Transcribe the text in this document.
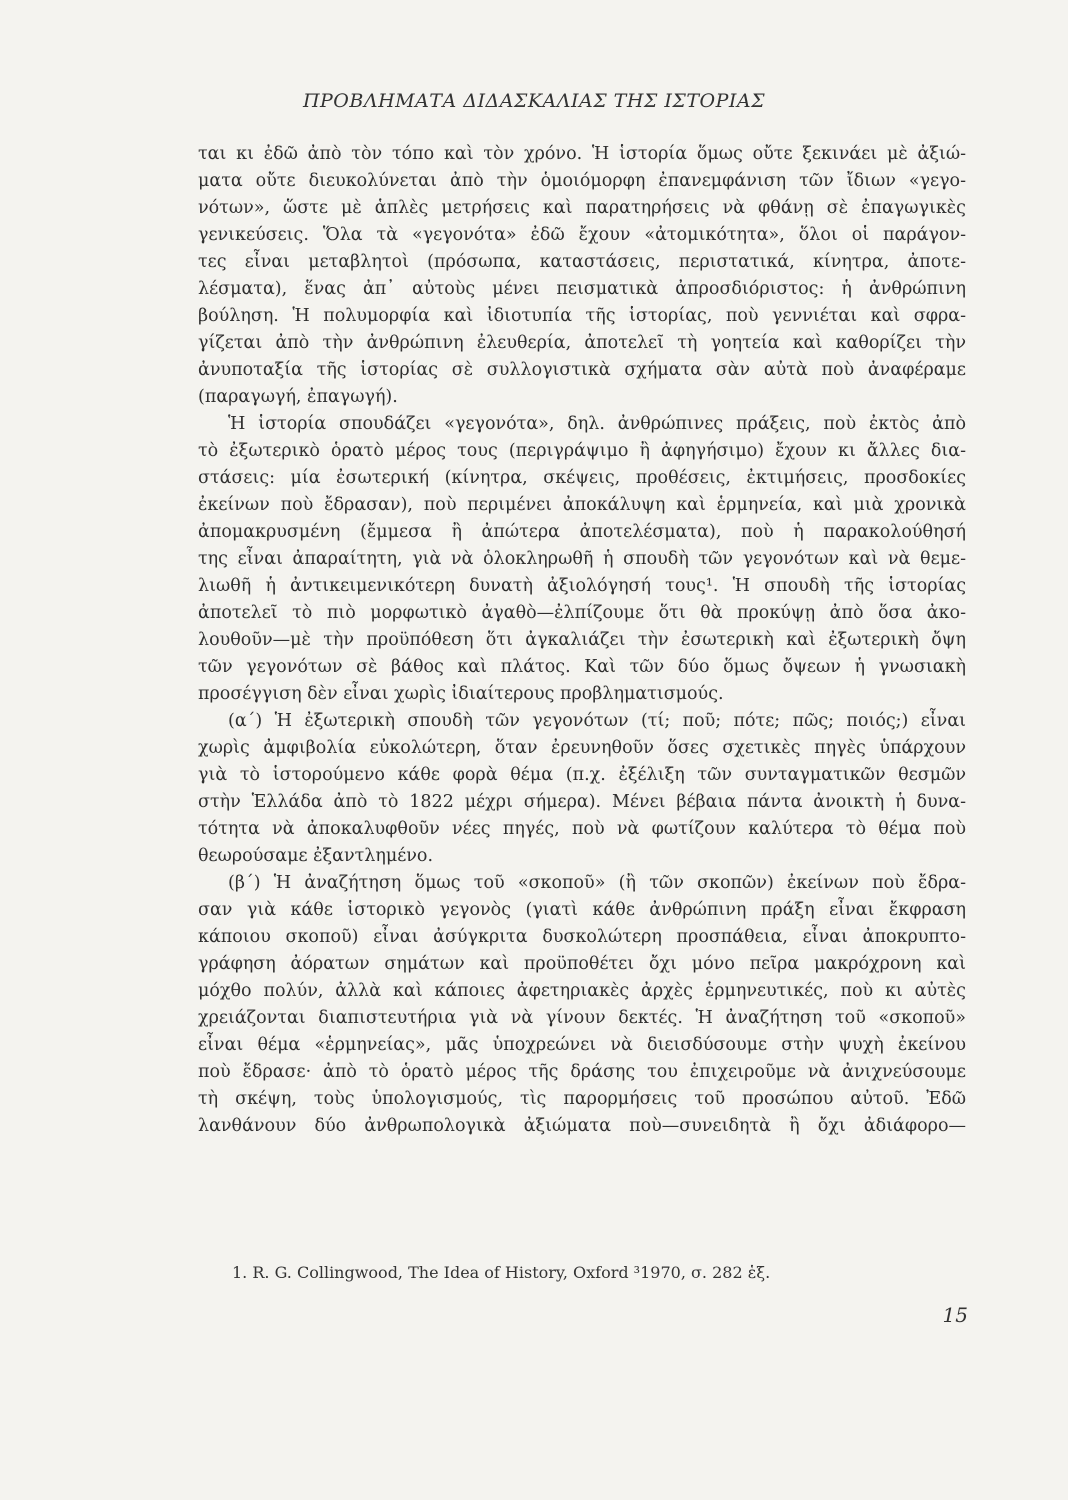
ΠΡΟΒΛΗΜΑΤΑ ΔΙΔΑΣΚΑΛΙΑΣ ΤΗΣ ΙΣΤΟΡΙΑΣ
ται κι ἐδῶ ἀπὸ τὸν τόπο καὶ τὸν χρόνο. Ἡ ἱστορία ὅμως οὔτε ξεκινάει μὲ ἀξιώ-
ματα οὔτε διευκολύνεται ἀπὸ τὴν ὁμοιόμορφη ἐπανεμφάνιση τῶν ἴδιων «γεγο-
νότων», ὥστε μὲ ἁπλὲς μετρήσεις καὶ παρατηρήσεις νὰ φθάνῃ σὲ ἐπαγωγικὲς
γενικεύσεις. Ὅλα τὰ «γεγονότα» ἐδῶ ἔχουν «ἀτομικότητα», ὅλοι οἱ παράγον-
τες εἶναι μεταβλητοὶ (πρόσωπα, καταστάσεις, περιστατικά, κίνητρα, ἀποτε-
λέσματα), ἕνας ἀπ᾽ αὐτοὺς μένει πεισματικὰ ἀπροσδιόριστος: ἡ ἀνθρώπινη
βούληση. Ἡ πολυμορφία καὶ ἰδιοτυπία τῆς ἱστορίας, ποὺ γεννιέται καὶ σφρα-
γίζεται ἀπὸ τὴν ἀνθρώπινη ἐλευθερία, ἀποτελεῖ τὴ γοητεία καὶ καθορίζει τὴν
ἀνυποταξία τῆς ἱστορίας σὲ συλλογιστικὰ σχήματα σὰν αὐτὰ ποὺ ἀναφέραμε
(παραγωγή, ἐπαγωγή).
Ἡ ἱστορία σπουδάζει «γεγονότα», δηλ. ἀνθρώπινες πράξεις, ποὺ ἐκτὸς ἀπὸ
τὸ ἐξωτερικὸ ὁρατὸ μέρος τους (περιγράψιμο ἢ ἀφηγήσιμο) ἔχουν κι ἄλλες δια-
στάσεις: μία ἐσωτερική (κίνητρα, σκέψεις, προθέσεις, ἐκτιμήσεις, προσδοκίες
ἐκείνων ποὺ ἔδρασαν), ποὺ περιμένει ἀποκάλυψη καὶ ἑρμηνεία, καὶ μιὰ χρονικὰ
ἀπομακρυσμένη (ἔμμεσα ἢ ἀπώτερα ἀποτελέσματα), ποὺ ἡ παρακολούθησή
της εἶναι ἀπαραίτητη, γιὰ νὰ ὁλοκληρωθῆ ἡ σπουδὴ τῶν γεγονότων καὶ νὰ θεμε-
λιωθῆ ἡ ἀντικειμενικότερη δυνατὴ ἀξιολόγησή τους¹. Ἡ σπουδὴ τῆς ἱστορίας
ἀποτελεῖ τὸ πιὸ μορφωτικὸ ἀγαθὸ—ἐλπίζουμε ὅτι θὰ προκύψῃ ἀπὸ ὅσα ἀκο-
λουθοῦν—μὲ τὴν προϋπόθεση ὅτι ἀγκαλιάζει τὴν ἐσωτερικὴ καὶ ἐξωτερικὴ ὄψη
τῶν γεγονότων σὲ βάθος καὶ πλάτος. Καὶ τῶν δύο ὅμως ὄψεων ἡ γνωσιακὴ
προσέγγιση δὲν εἶναι χωρὶς ἰδιαίτερους προβληματισμούς.
(α´) Ἡ ἐξωτερικὴ σπουδὴ τῶν γεγονότων (τί; ποῦ; πότε; πῶς; ποιός;) εἶναι
χωρὶς ἀμφιβολία εὐκολώτερη, ὅταν ἐρευνηθοῦν ὅσες σχετικὲς πηγὲς ὑπάρχουν
γιὰ τὸ ἱστορούμενο κάθε φορὰ θέμα (π.χ. ἐξέλιξη τῶν συνταγματικῶν θεσμῶν
στὴν Ἑλλάδα ἀπὸ τὸ 1822 μέχρι σήμερα). Μένει βέβαια πάντα ἀνοικτὴ ἡ δυνα-
τότητα νὰ ἀποκαλυφθοῦν νέες πηγές, ποὺ νὰ φωτίζουν καλύτερα τὸ θέμα ποὺ
θεωρούσαμε ἐξαντλημένο.
(β´) Ἡ ἀναζήτηση ὅμως τοῦ «σκοποῦ» (ἢ τῶν σκοπῶν) ἐκείνων ποὺ ἔδρα-
σαν γιὰ κάθε ἱστορικὸ γεγονὸς (γιατὶ κάθε ἀνθρώπινη πράξη εἶναι ἔκφραση
κάποιου σκοποῦ) εἶναι ἀσύγκριτα δυσκολώτερη προσπάθεια, εἶναι ἀποκρυπτο-
γράφηση ἀόρατων σημάτων καὶ προϋποθέτει ὄχι μόνο πεῖρα μακρόχρονη καὶ
μόχθο πολύν, ἀλλὰ καὶ κάποιες ἀφετηριακὲς ἀρχὲς ἑρμηνευτικές, ποὺ κι αὐτὲς
χρειάζονται διαπιστευτήρια γιὰ νὰ γίνουν δεκτές. Ἡ ἀναζήτηση τοῦ «σκοποῦ»
εἶναι θέμα «ἑρμηνείας», μᾶς ὑποχρεώνει νὰ διεισδύσουμε στὴν ψυχὴ ἐκείνου
ποὺ ἔδρασε· ἀπὸ τὸ ὁρατὸ μέρος τῆς δράσης του ἐπιχειροῦμε νὰ ἀνιχνεύσουμε
τὴ σκέψη, τοὺς ὑπολογισμούς, τὶς παρορμήσεις τοῦ προσώπου αὐτοῦ. Ἐδῶ
λανθάνουν δύο ἀνθρωπολογικὰ ἀξιώματα ποὺ—συνειδητὰ ἢ ὄχι ἀδιάφορο—
1. R. G. Collingwood, The Idea of History, Oxford ³1970, σ. 282 ἑξ.
15
